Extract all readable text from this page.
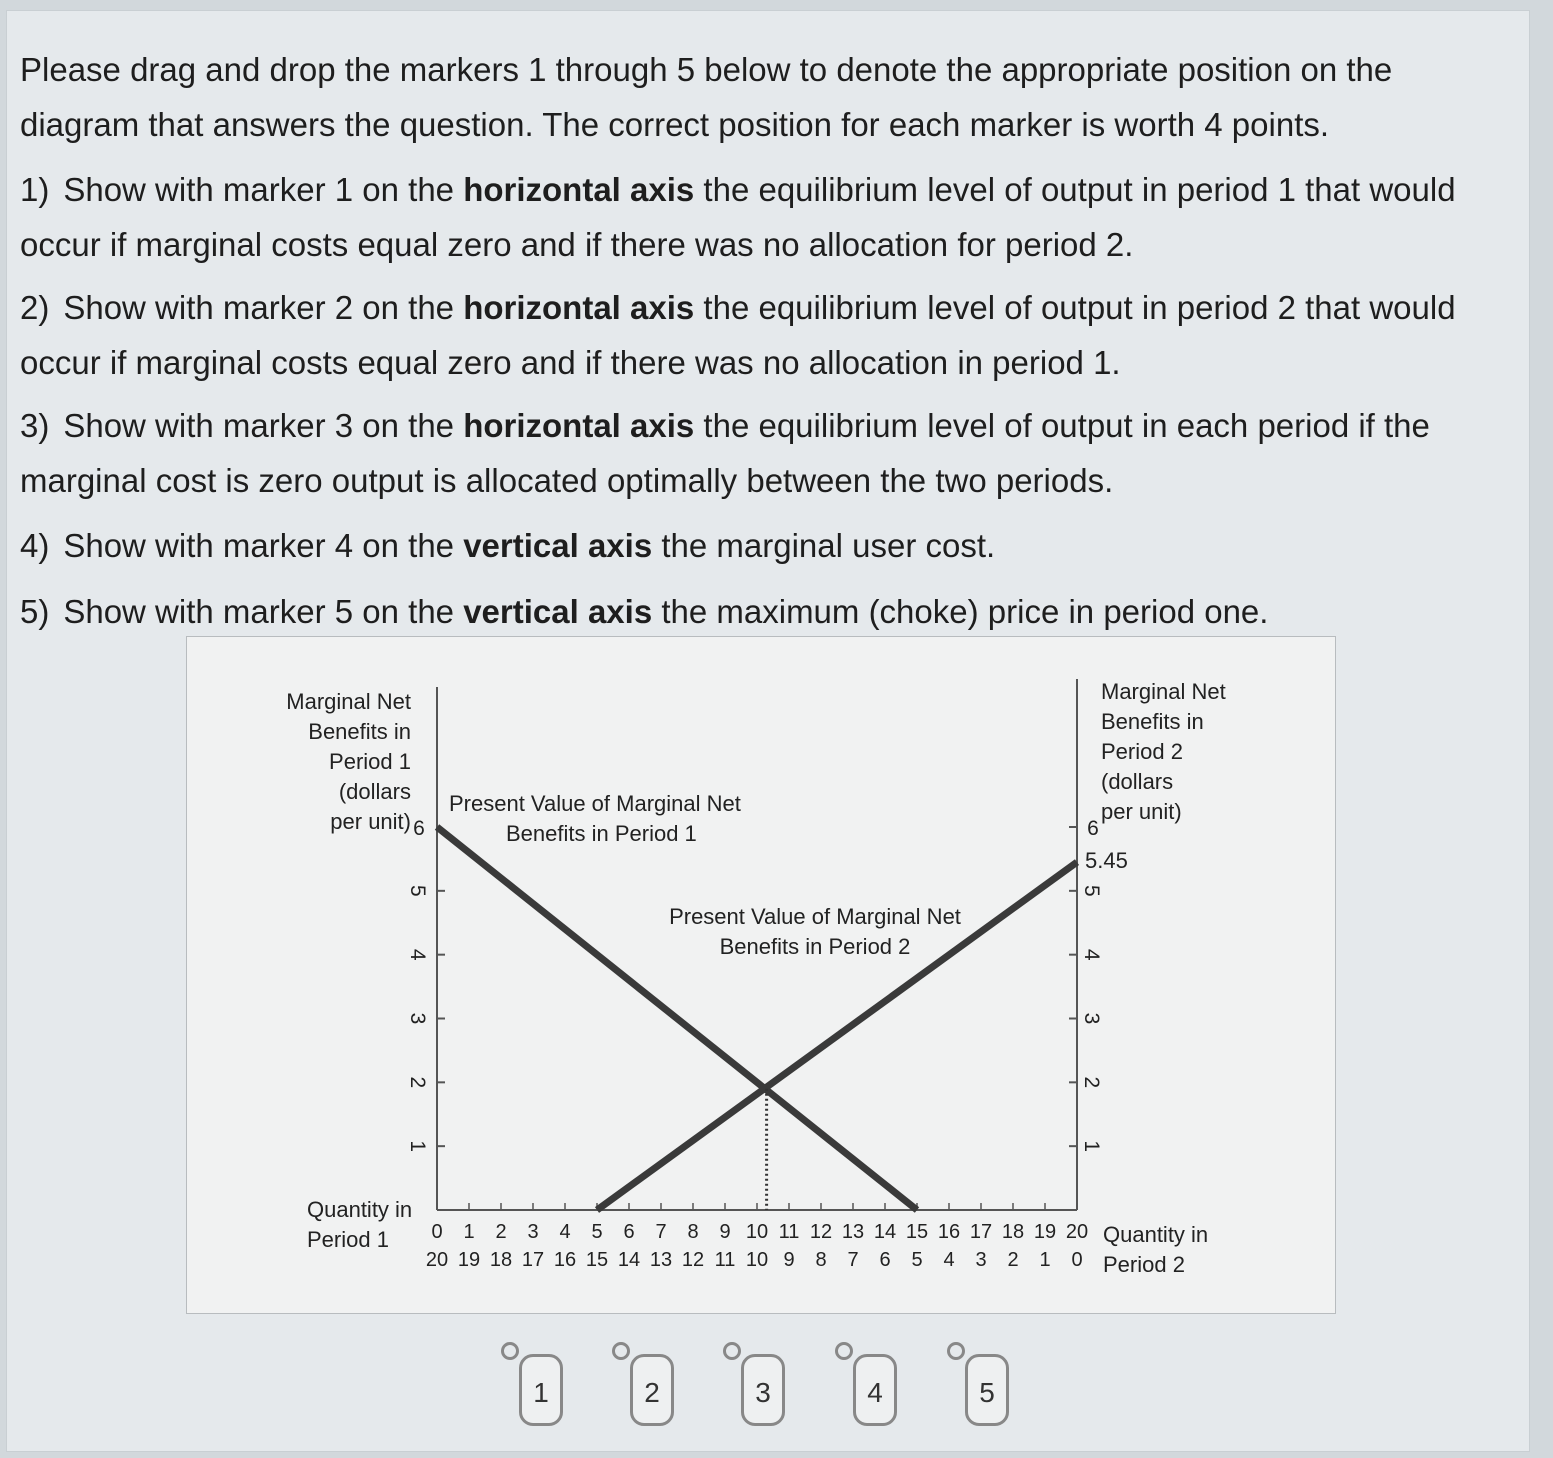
Please drag and drop the markers 1 through 5 below to denote the appropriate position on the diagram that answers the question. The correct position for each marker is worth 4 points.

1) Show with marker 1 on the horizontal axis the equilibrium level of output in period 1 that would occur if marginal costs equal zero and if there was no allocation for period 2.

2) Show with marker 2 on the horizontal axis the equilibrium level of output in period 2 that would occur if marginal costs equal zero and if there was no allocation in period 1.

3) Show with marker 3 on the horizontal axis the equilibrium level of output in each period if the marginal cost is zero output is allocated optimally between the two periods.

4) Show with marker 4 on the vertical axis the marginal user cost.

5) Show with marker 5 on the vertical axis the maximum (choke) price in period one.

1
2
3
4
5
6
Marginal Net
Benefits in
Period 1
(dollars
per unit)
1
2
3
4
5
6
5.45
Marginal Net
Benefits in
Period 2
(dollars
per unit)
0 1 2 3 4 5 6 7 8 9 10 11 12 13 14 15 16 17 18 19 20
20 19 18 17 16 15 14 13 12 11 10 9 8 7 6 5 4 3 2 1 0
Quantity in
Period 1	Quantity in
Period 2
Present Value of Marginal Net
Benefits in Period 1
Present Value of Marginal Net
Benefits in Period 2
1	2	3	4	5
